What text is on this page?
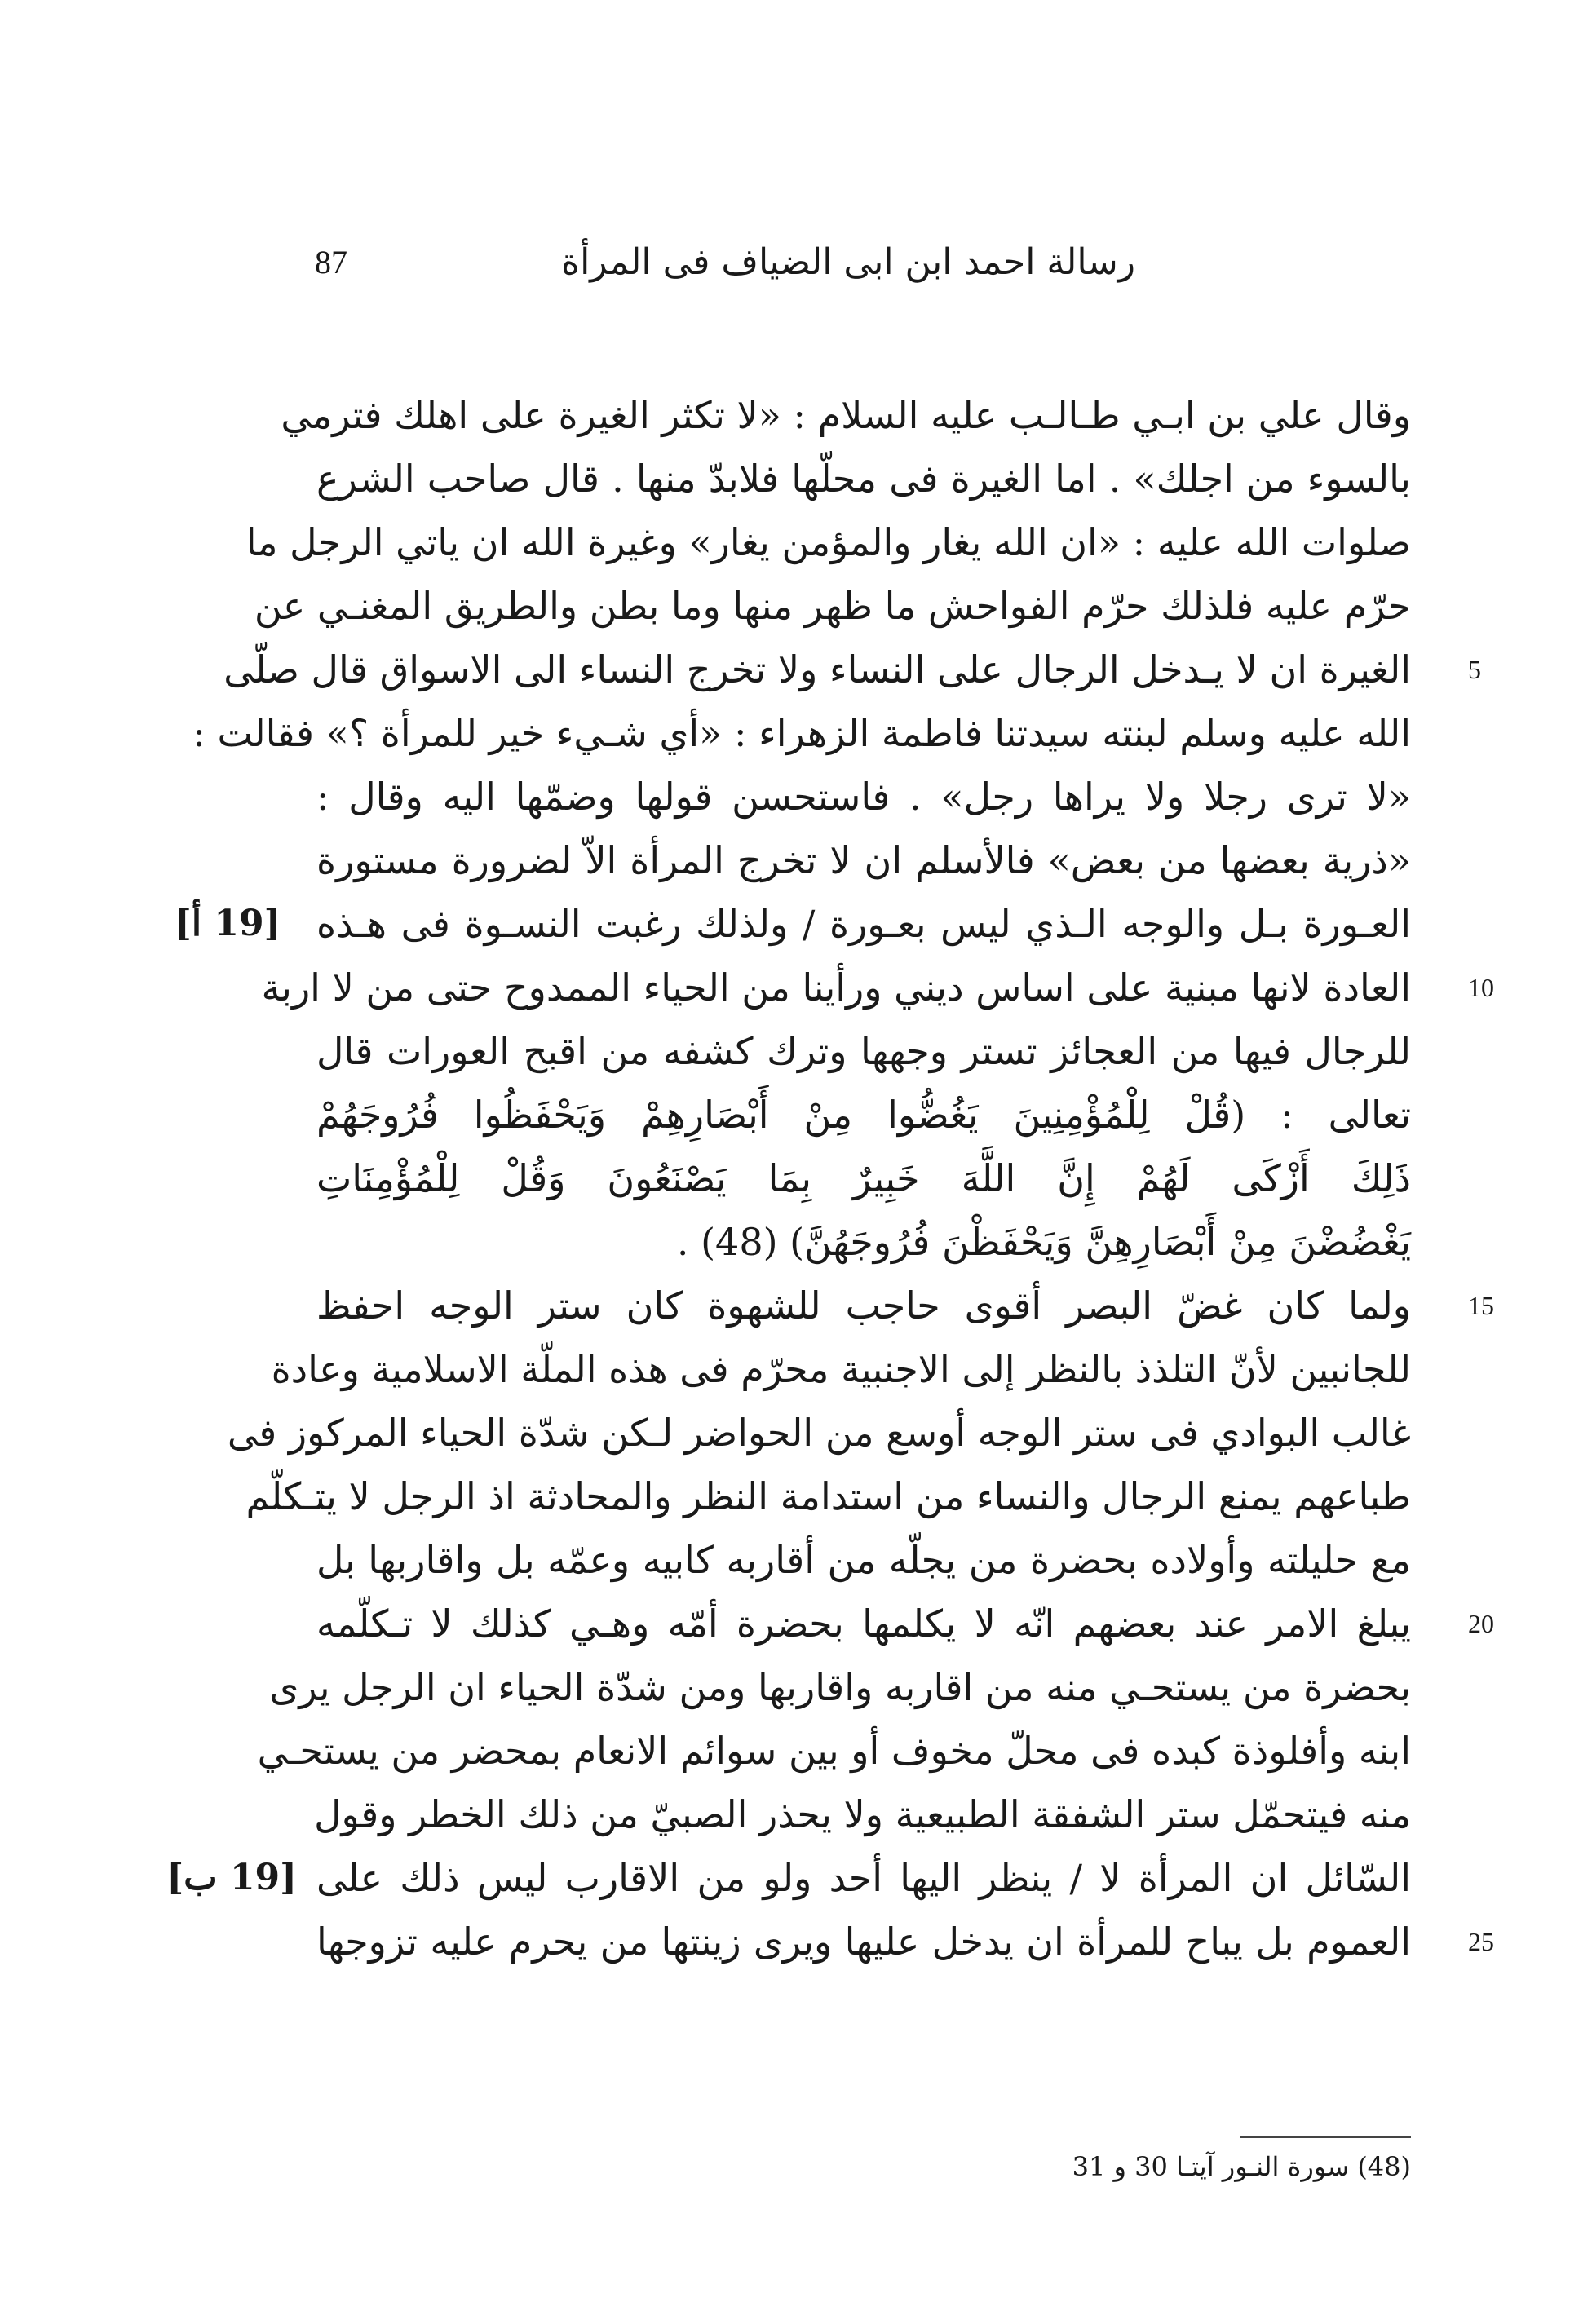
87	رسالة احمد ابن ابى الضياف فى المرأة
وقال علي بن ابـي طـالـب عليه السلام : «لا تكثر الغيرة على اهلك فترمي
بالسوء من اجلك» . اما الغيرة فى محلّها فلابدّ منها . قال صاحب الشرع
صلوات الله عليه : «ان الله يغار والمؤمن يغار» وغيرة الله ان ياتي الرجل ما
حرّم عليه فلذلك حرّم الفواحش ما ظهر منها وما بطن والطريق المغنـي عن
الغيرة ان لا يـدخل الرجال على النساء ولا تخرج النساء الى الاسواق قال صلّى
الله عليه وسلم لبنته سيدتنا فاطمة الزهراء : «أي شـيء خير للمرأة ؟» فقالت :
«لا ترى رجلا ولا يراها رجل» . فاستحسن قولها وضمّها اليه وقال :
«ذرية بعضها من بعض» فالأسلم ان لا تخرج المرأة الاّ لضرورة مستورة
العـورة بـل والوجه الـذي ليس بعـورة / ولذلك رغبت النسـوة فى هـذه
العادة لانها مبنية على اساس ديني ورأينا من الحياء الممدوح حتى من لا اربة
للرجال فيها من العجائز تستر وجهها وترك كشفه من اقبح العورات قال
تعالى : (قُلْ لِلْمُؤْمِنِينَ يَغُضُّوا مِنْ أَبْصَارِهِمْ وَيَحْفَظُوا فُرُوجَهُمْ
ذَلِكَ أَزْكَى لَهُمْ إِنَّ اللَّهَ خَبِيرٌ بِمَا يَصْنَعُونَ وَقُلْ لِلْمُؤْمِنَاتِ
يَغْضُضْنَ مِنْ أَبْصَارِهِنَّ وَيَحْفَظْنَ فُرُوجَهُنَّ) (48) .
ولما كان غضّ البصر أقوى حاجب للشهوة كان ستر الوجه احفظ
للجانبين لأنّ التلذذ بالنظر إلى الاجنبية محرّم فى هذه الملّة الاسلامية وعادة
غالب البوادي فى ستر الوجه أوسع من الحواضر لـكن شدّة الحياء المركوز فى
طباعهم يمنع الرجال والنساء من استدامة النظر والمحادثة اذ الرجل لا يتـكلّم
مع حليلته وأولاده بحضرة من يجلّه من أقاربه كابيه وعمّه بل واقاربها بل
يبلغ الامر عند بعضهم انّه لا يكلمها بحضرة أمّه وهـي كذلك لا تـكلّمه
بحضرة من يستحـي منه من اقاربه واقاربها ومن شدّة الحياء ان الرجل يرى
ابنه وأفلوذة كبده فى محلّ مخوف أو بين سوائم الانعام بمحضر من يستحـي
منه فيتحمّل ستر الشفقة الطبيعية ولا يحذر الصبيّ من ذلك الخطر وقول
السّائل ان المرأة لا / ينظر اليها أحد ولو من الاقارب ليس ذلك على
العموم بل يباح للمرأة ان يدخل عليها ويرى زينتها من يحرم عليه تزوجها
5
10
15
20
25
[19 أ]
[19 ب]
(48) سورة النـور آيتـا 30 و 31
